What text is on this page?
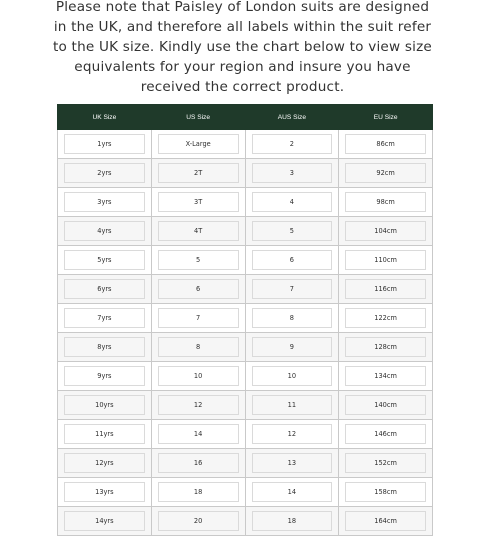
Please note that Paisley of London suits are designed
in the UK, and therefore all labels within the suit refer
to the UK size. Kindly use the chart below to view size
equivalents for your region and insure you have
received the correct product.
UK Size	US Size	AUS Size	EU Size

1yrs	X-Large	2	86cm

2yrs	2T	3	92cm

3yrs	3T	4	98cm

4yrs	4T	5	104cm

5yrs	5	6	110cm

6yrs	6	7	116cm

7yrs	7	8	122cm

8yrs	8	9	128cm

9yrs	10	10	134cm

10yrs	12	11	140cm

11yrs	14	12	146cm

12yrs	16	13	152cm

13yrs	18	14	158cm

14yrs	20	18	164cm
